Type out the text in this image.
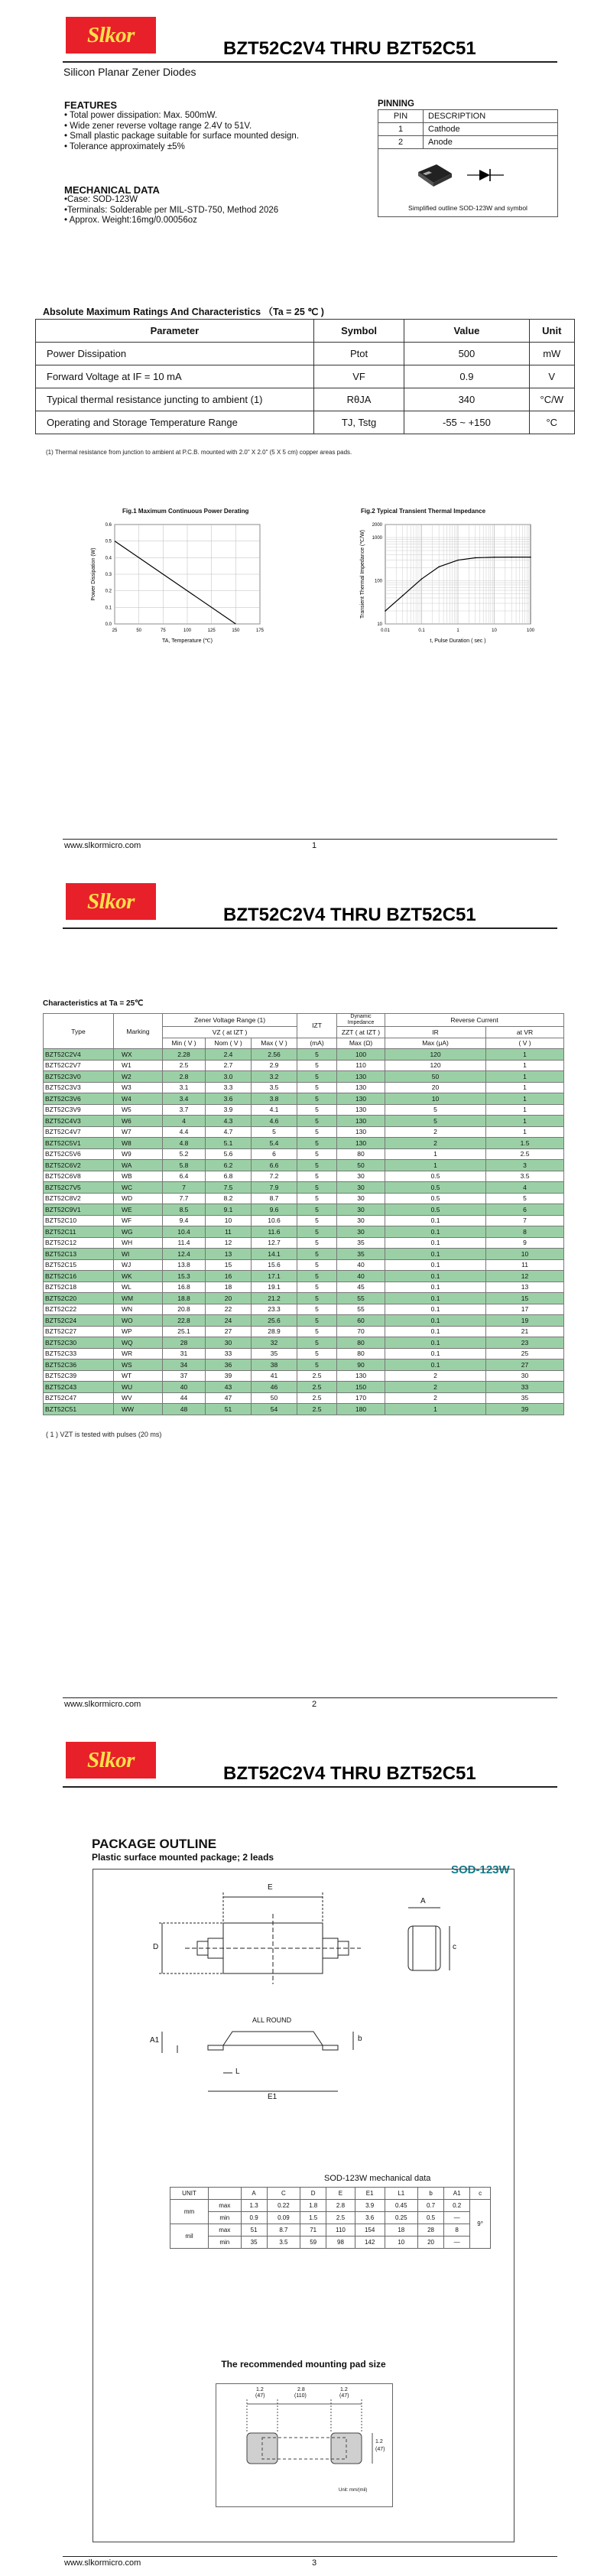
Slkor
BZT52C2V4 THRU BZT52C51
Silicon Planar Zener Diodes
FEATURES
• Total power dissipation: Max. 500mW.
• Wide zener reverse voltage range 2.4V to 51V.
• Small plastic package suitable for surface mounted design.
• Tolerance approximately ±5%
MECHANICAL DATA
•Case: SOD-123W
•Terminals: Solderable per MIL-STD-750, Method 2026
• Approx. Weight:16mg/0.00056oz
PINNING
PIN	DESCRIPTION
1	Cathode
2	Anode
Simplified outline SOD-123W and symbol
Absolute Maximum Ratings And Characteristics （Ta = 25 ℃ )
Parameter	Symbol	Value	Unit
Power Dissipation	Ptot	500	mW
Forward Voltage at IF = 10 mA	VF	0.9	V
Typical thermal resistance juncting to ambient (1)	RθJA	340	°C/W
Operating and Storage Temperature Range	TJ, Tstg	-55 ~ +150	°C
(1) Thermal resistance from junction to ambient at P.C.B. mounted with 2.0" X 2.0" (5 X 5 cm) copper areas pads.
Fig.1 Maximum Continuous Power Derating
25	50	75	100	125	150	175
0.0
0.1
0.2
0.3
0.4
0.5
0.6
TA, Temperature (℃)
Power Dissipation (W)
Fig.2 Typical Transient Thermal Impedance
0.01	0.1	1	10	100
10
100
1000
2000
t, Pulse Duration ( sec )
Transient Thermal Impedance (℃/W)
www.slkormicro.com	1
Slkor
BZT52C2V4 THRU BZT52C51
Characteristics at Ta = 25℃
Type	Marking	Zener Voltage Range (1)			IZT	Dynamic Impedance	Reverse Current	
		VZ ( at IZT )				ZZT ( at IZT )	IR	at VR
		Min ( V )	Nom ( V )	Max ( V )	(mA)	Max (Ω)	Max (μA)	( V )
BZT52C2V4	WX	2.28	2.4	2.56	5	100	120	1
BZT52C2V7	W1	2.5	2.7	2.9	5	110	120	1
BZT52C3V0	W2	2.8	3.0	3.2	5	130	50	1
BZT52C3V3	W3	3.1	3.3	3.5	5	130	20	1
BZT52C3V6	W4	3.4	3.6	3.8	5	130	10	1
BZT52C3V9	W5	3.7	3.9	4.1	5	130	5	1
BZT52C4V3	W6	4	4.3	4.6	5	130	5	1
BZT52C4V7	W7	4.4	4.7	5	5	130	2	1
BZT52C5V1	W8	4.8	5.1	5.4	5	130	2	1.5
BZT52C5V6	W9	5.2	5.6	6	5	80	1	2.5
BZT52C6V2	WA	5.8	6.2	6.6	5	50	1	3
BZT52C6V8	WB	6.4	6.8	7.2	5	30	0.5	3.5
BZT52C7V5	WC	7	7.5	7.9	5	30	0.5	4
BZT52C8V2	WD	7.7	8.2	8.7	5	30	0.5	5
BZT52C9V1	WE	8.5	9.1	9.6	5	30	0.5	6
BZT52C10	WF	9.4	10	10.6	5	30	0.1	7
BZT52C11	WG	10.4	11	11.6	5	30	0.1	8
BZT52C12	WH	11.4	12	12.7	5	35	0.1	9
BZT52C13	WI	12.4	13	14.1	5	35	0.1	10
BZT52C15	WJ	13.8	15	15.6	5	40	0.1	11
BZT52C16	WK	15.3	16	17.1	5	40	0.1	12
BZT52C18	WL	16.8	18	19.1	5	45	0.1	13
BZT52C20	WM	18.8	20	21.2	5	55	0.1	15
BZT52C22	WN	20.8	22	23.3	5	55	0.1	17
BZT52C24	WO	22.8	24	25.6	5	60	0.1	19
BZT52C27	WP	25.1	27	28.9	5	70	0.1	21
BZT52C30	WQ	28	30	32	5	80	0.1	23
BZT52C33	WR	31	33	35	5	80	0.1	25
BZT52C36	WS	34	36	38	5	90	0.1	27
BZT52C39	WT	37	39	41	2.5	130	2	30
BZT52C43	WU	40	43	46	2.5	150	2	33
BZT52C47	WV	44	47	50	2.5	170	2	35
BZT52C51	WW	48	51	54	2.5	180	1	39
( 1 ) VZT is tested with pulses (20 ms)
www.slkormicro.com	2
Slkor
BZT52C2V4 THRU BZT52C51
PACKAGE OUTLINE
Plastic surface mounted package; 2 leads
SOD-123W
E
A
D	c
A1	b
L
E1
ALL ROUND
SOD-123W mechanical data
UNIT		A	C	D	E	E1	L1	b	A1	c
mm	max	1.3	0.22	1.8	2.8	3.9	0.45	0.7	0.2	9°
	min	0.9	0.09	1.5	2.5	3.6	0.25	0.5	—	
mil	max	51	8.7	71	110	154	18	28	8	
	min	35	3.5	59	98	142	10	20	—	
The recommended mounting pad size
1.2
(47)
2.8
(110)
1.2
(47)
1.2
(47)
Unit: mm/(mil)
www.slkormicro.com	3
